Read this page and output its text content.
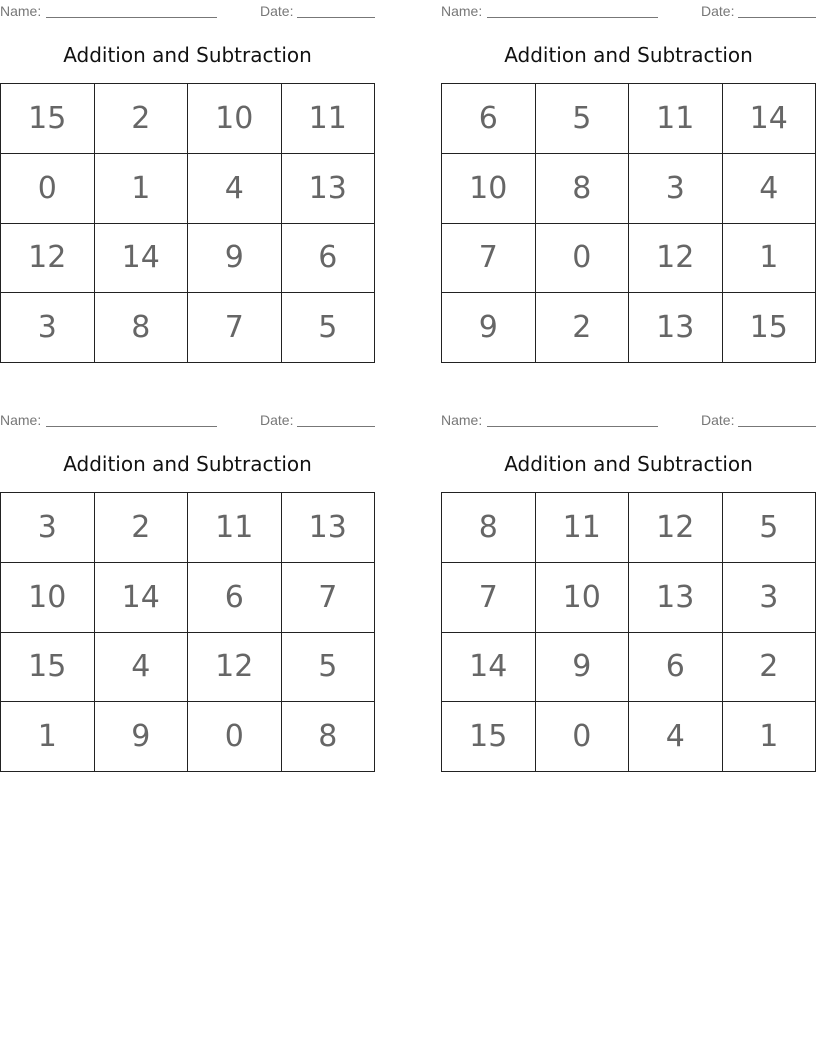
Name:	Date:
Addition and Subtraction
15	2	10	11
0	1	4	13
12	14	9	6
3	8	7	5
Name:	Date:
Addition and Subtraction
6	5	11	14
10	8	3	4
7	0	12	1
9	2	13	15
Name:	Date:
Addition and Subtraction
3	2	11	13
10	14	6	7
15	4	12	5
1	9	0	8
Name:	Date:
Addition and Subtraction
8	11	12	5
7	10	13	3
14	9	6	2
15	0	4	1
